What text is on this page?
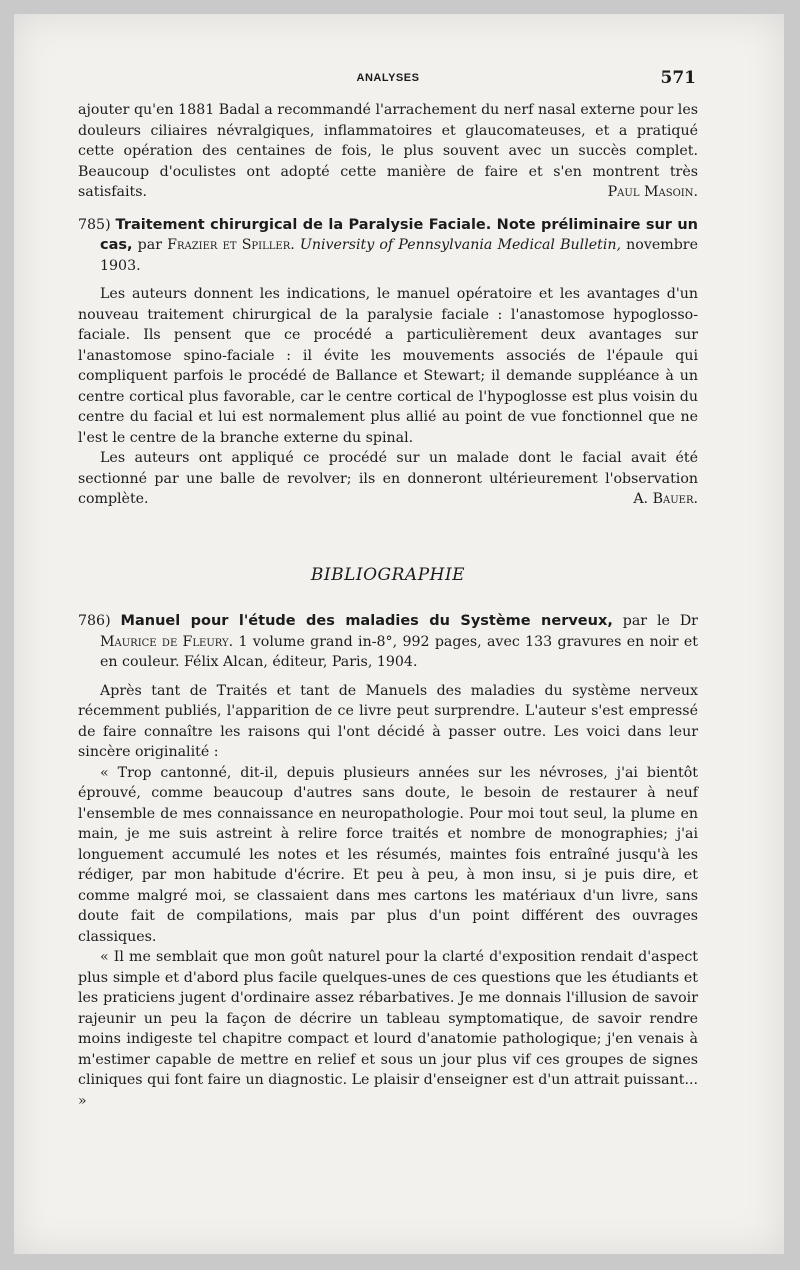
ANALYSES	571

ajouter qu'en 1881 Badal a recommandé l'arrachement du nerf nasal externe pour les douleurs ciliaires névralgiques, inflammatoires et glaucomateuses, et a pratiqué cette opération des centaines de fois, le plus souvent avec un succès complet. Beaucoup d'oculistes ont adopté cette manière de faire et s'en montrent très satisfaits.	Paul Masoin.

785) Traitement chirurgical de la Paralysie Faciale. Note préliminaire sur un cas, par Frazier et Spiller. University of Pennsylvania Medical Bulletin, novembre 1903.

Les auteurs donnent les indications, le manuel opératoire et les avantages d'un nouveau traitement chirurgical de la paralysie faciale : l'anastomose hypoglosso-faciale. Ils pensent que ce procédé a particulièrement deux avantages sur l'anastomose spino-faciale : il évite les mouvements associés de l'épaule qui compliquent parfois le procédé de Ballance et Stewart; il demande suppléance à un centre cortical plus favorable, car le centre cortical de l'hypoglosse est plus voisin du centre du facial et lui est normalement plus allié au point de vue fonctionnel que ne l'est le centre de la branche externe du spinal.

Les auteurs ont appliqué ce procédé sur un malade dont le facial avait été sectionné par une balle de revolver; ils en donneront ultérieurement l'observation complète.	A. Bauer.

BIBLIOGRAPHIE

786) Manuel pour l'étude des maladies du Système nerveux, par le Dr Maurice de Fleury. 1 volume grand in-8°, 992 pages, avec 133 gravures en noir et en couleur. Félix Alcan, éditeur, Paris, 1904.

Après tant de Traités et tant de Manuels des maladies du système nerveux récemment publiés, l'apparition de ce livre peut surprendre. L'auteur s'est empressé de faire connaître les raisons qui l'ont décidé à passer outre. Les voici dans leur sincère originalité :

« Trop cantonné, dit-il, depuis plusieurs années sur les névroses, j'ai bientôt éprouvé, comme beaucoup d'autres sans doute, le besoin de restaurer à neuf l'ensemble de mes connaissance en neuropathologie. Pour moi tout seul, la plume en main, je me suis astreint à relire force traités et nombre de monographies; j'ai longuement accumulé les notes et les résumés, maintes fois entraîné jusqu'à les rédiger, par mon habitude d'écrire. Et peu à peu, à mon insu, si je puis dire, et comme malgré moi, se classaient dans mes cartons les matériaux d'un livre, sans doute fait de compilations, mais par plus d'un point différent des ouvrages classiques.

« Il me semblait que mon goût naturel pour la clarté d'exposition rendait d'aspect plus simple et d'abord plus facile quelques-unes de ces questions que les étudiants et les praticiens jugent d'ordinaire assez rébarbatives. Je me donnais l'illusion de savoir rajeunir un peu la façon de décrire un tableau symptomatique, de savoir rendre moins indigeste tel chapitre compact et lourd d'anatomie pathologique; j'en venais à m'estimer capable de mettre en relief et sous un jour plus vif ces groupes de signes cliniques qui font faire un diagnostic. Le plaisir d'enseigner est d'un attrait puissant... »
